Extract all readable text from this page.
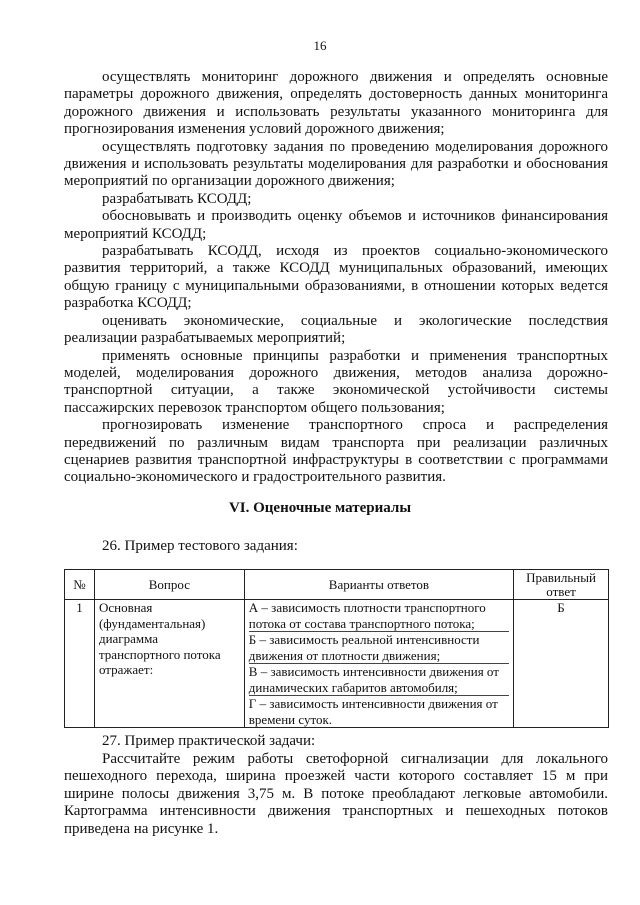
16

осуществлять мониторинг дорожного движения и определять основные параметры дорожного движения, определять достоверность данных мониторинга дорожного движения и использовать результаты указанного мониторинга для прогнозирования изменения условий дорожного движения;

осуществлять подготовку задания по проведению моделирования дорожного движения и использовать результаты моделирования для разработки и обоснования мероприятий по организации дорожного движения;

разрабатывать КСОДД;

обосновывать и производить оценку объемов и источников финансирования мероприятий КСОДД;

разрабатывать КСОДД, исходя из проектов социально-экономического развития территорий, а также КСОДД муниципальных образований, имеющих общую границу с муниципальными образованиями, в отношении которых ведется разработка КСОДД;

оценивать экономические, социальные и экологические последствия реализации разрабатываемых мероприятий;

применять основные принципы разработки и применения транспортных моделей, моделирования дорожного движения, методов анализа дорожно-транспортной ситуации, а также экономической устойчивости системы пассажирских перевозок транспортом общего пользования;

прогнозировать изменение транспортного спроса и распределения передвижений по различным видам транспорта при реализации различных сценариев развития транспортной инфраструктуры в соответствии с программами социально-экономического и градостроительного развития.

VI. Оценочные материалы
26. Пример тестового задания:
№	Вопрос	Варианты ответов	Правильный ответ
1	Основная (фундаментальная) диаграмма транспортного потока отражает:	А – зависимость плотности транспортного потока от состава транспортного потока;
Б – зависимость реальной интенсивности движения от плотности движения;
В – зависимость интенсивности движения от динамических габаритов автомобиля;
Г – зависимость интенсивности движения от времени суток.	Б
27. Пример практической задачи:

Рассчитайте режим работы светофорной сигнализации для локального пешеходного перехода, ширина проезжей части которого составляет 15 м при ширине полосы движения 3,75 м. В потоке преобладают легковые автомобили. Картограмма интенсивности движения транспортных и пешеходных потоков приведена на рисунке 1.
